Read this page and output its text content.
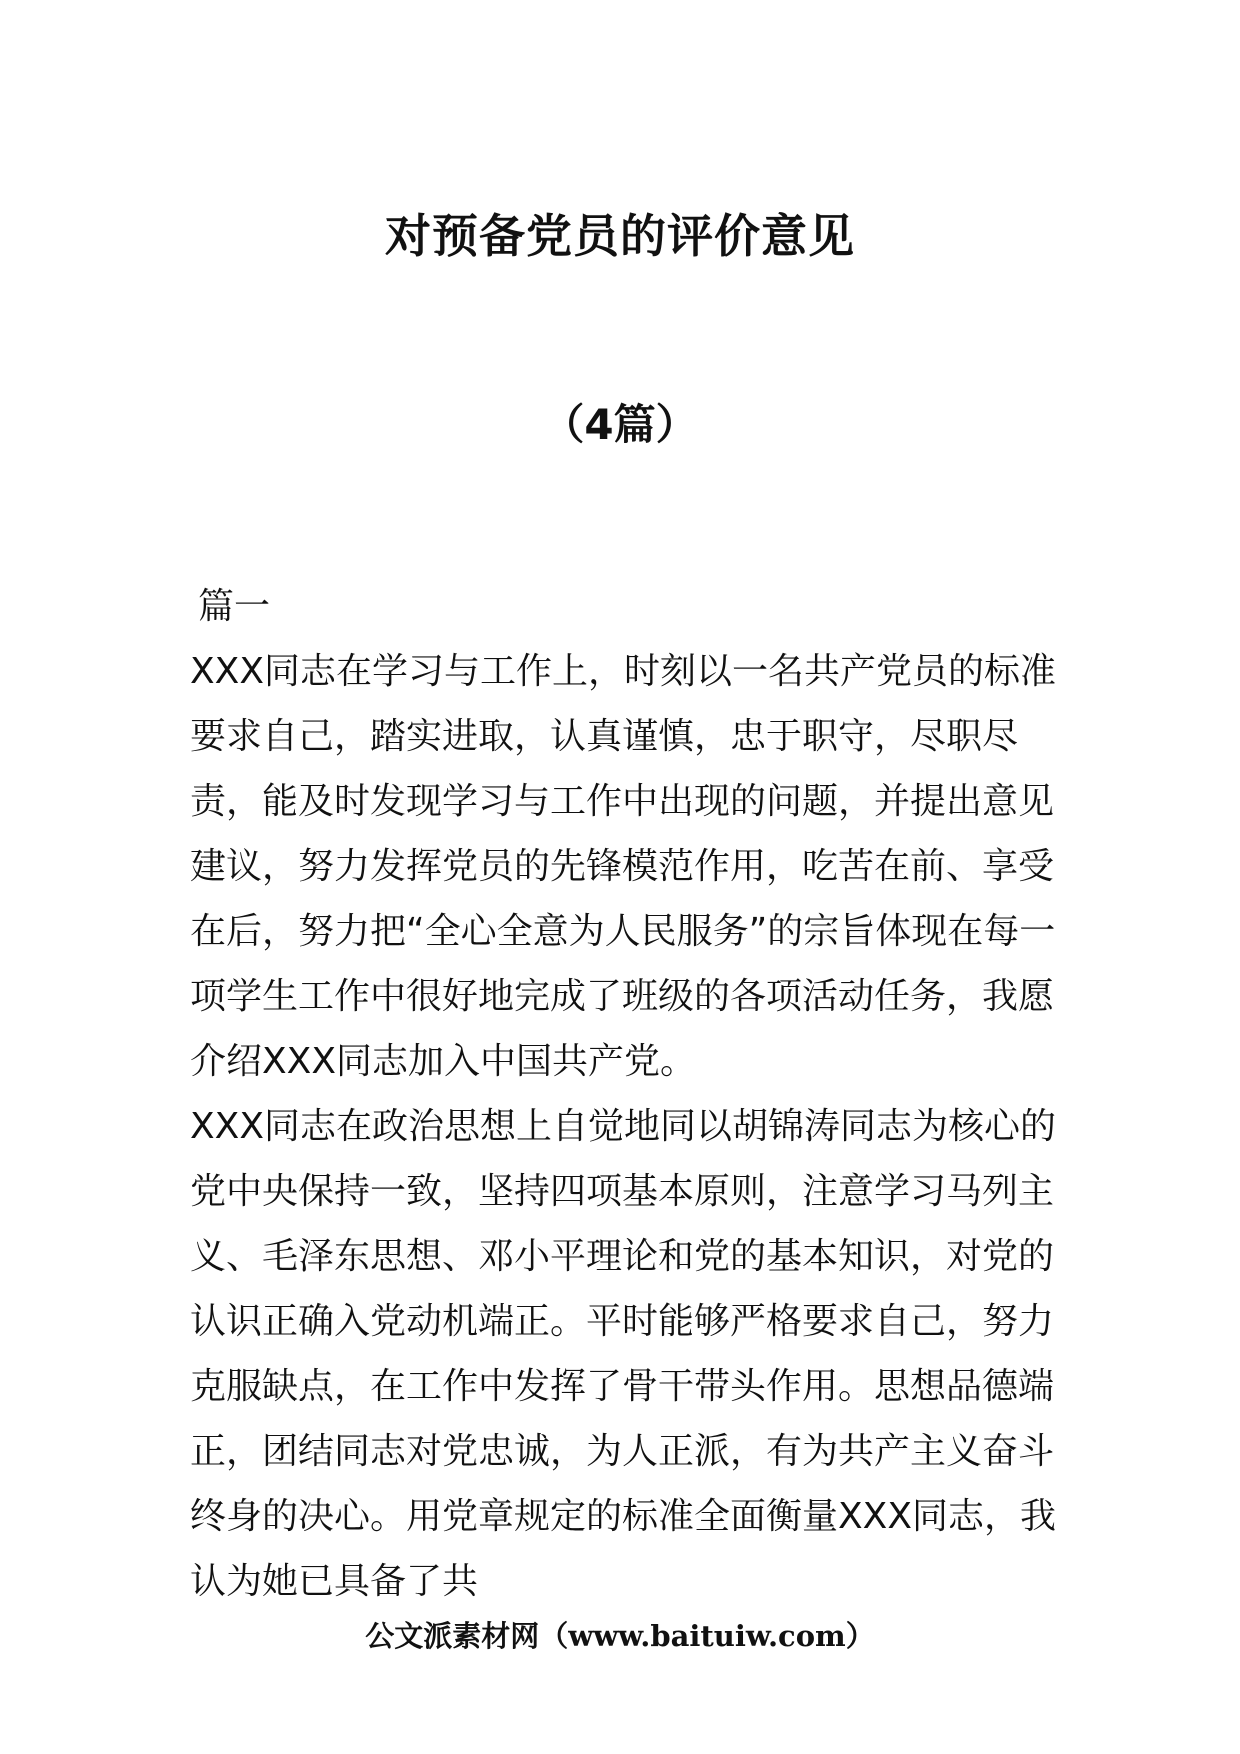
对预备党员的评价意见
（4篇）

篇一

XXX同志在学习与工作上，时刻以一名共产党员的标准要求自己，踏实进取，认真谨慎，忠于职守，尽职尽责，能及时发现学习与工作中出现的问题，并提出意见建议，努力发挥党员的先锋模范作用，吃苦在前、享受在后，努力把“全心全意为人民服务”的宗旨体现在每一项学生工作中很好地完成了班级的各项活动任务，我愿介绍XXX同志加入中国共产党。

XXX同志在政治思想上自觉地同以胡锦涛同志为核心的党中央保持一致，坚持四项基本原则，注意学习马列主义、毛泽东思想、邓小平理论和党的基本知识，对党的认识正确入党动机端正。平时能够严格要求自己，努力克服缺点，在工作中发挥了骨干带头作用。思想品德端正，团结同志对党忠诚，为人正派，有为共产主义奋斗终身的决心。用党章规定的标准全面衡量XXX同志，我认为她已具备了共

公文派素材网（www.baituiw.com）
